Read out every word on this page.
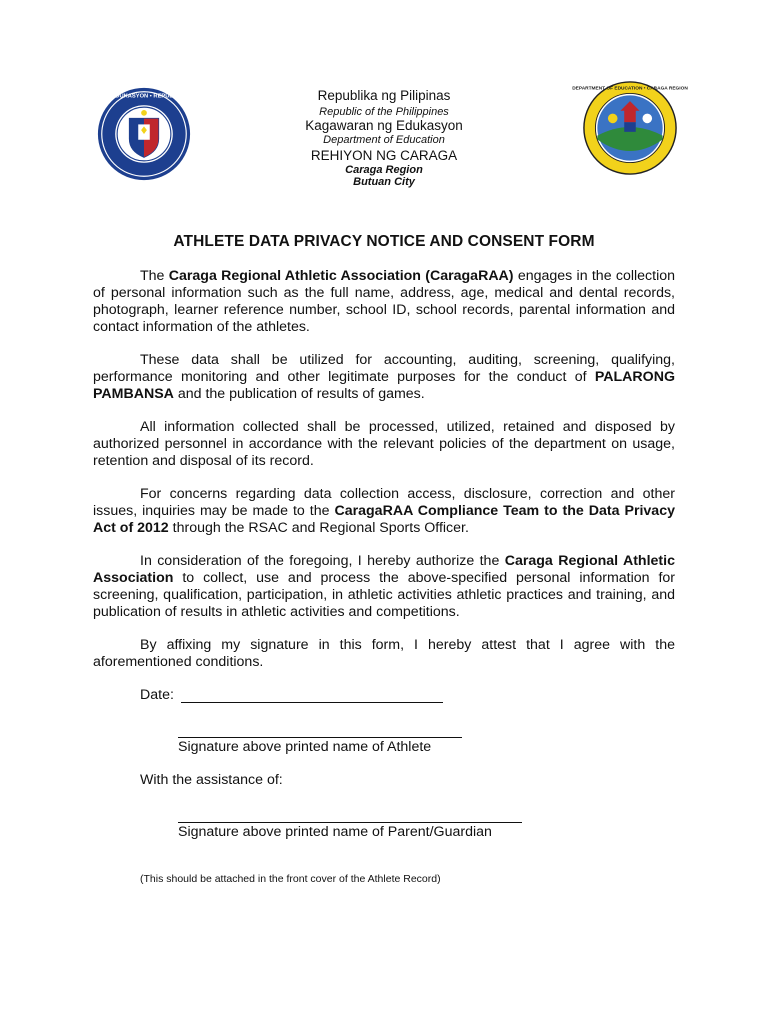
KAGAWARAN NG EDUKASYON • REPUBLIKA NG PILIPINAS	Republika ng Pilipinas
Republic of the Philippines
Kagawaran ng Edukasyon
Department of Education
REHIYON NG CARAGA
Caraga Region
Butuan City
DEPARTMENT OF EDUCATION • CARAGA REGION
ATHLETE DATA PRIVACY NOTICE AND CONSENT FORM

The Caraga Regional Athletic Association (CaragaRAA) engages in the collection of personal information such as the full name, address, age, medical and dental records, photograph, learner reference number, school ID, school records, parental information and contact information of the athletes.

These data shall be utilized for accounting, auditing, screening, qualifying, performance monitoring and other legitimate purposes for the conduct of PALARONG PAMBANSA and the publication of results of games.

All information collected shall be processed, utilized, retained and disposed by authorized personnel in accordance with the relevant policies of the department on usage, retention and disposal of its record.

For concerns regarding data collection access, disclosure, correction and other issues, inquiries may be made to the CaragaRAA Compliance Team to the Data Privacy Act of 2012 through the RSAC and Regional Sports Officer.

In consideration of the foregoing, I hereby authorize the Caraga Regional Athletic Association to collect, use and process the above-specified personal information for screening, qualification, participation, in athletic activities athletic practices and training, and publication of results in athletic activities and competitions.

By affixing my signature in this form, I hereby attest that I agree with the aforementioned conditions.

Date:
Signature above printed name of Athlete
With the assistance of:
Signature above printed name of Parent/Guardian
(This should be attached in the front cover of the Athlete Record)
